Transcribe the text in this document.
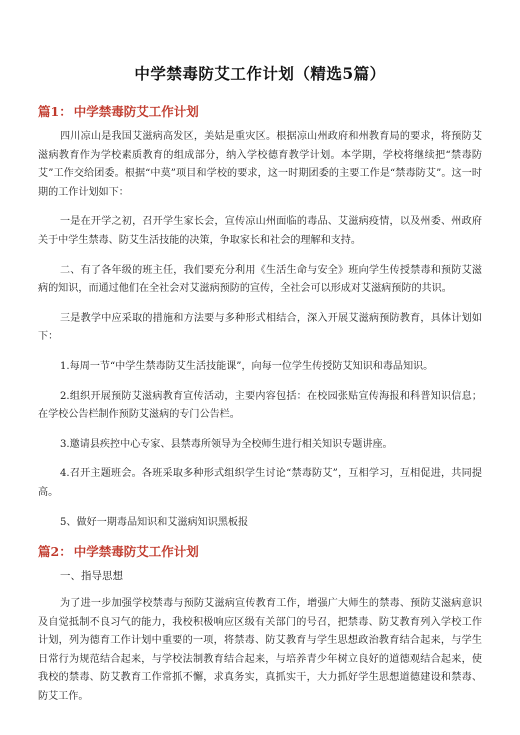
中学禁毒防艾工作计划（精选5篇）
篇1： 中学禁毒防艾工作计划

四川凉山是我国艾滋病高发区，美姑是重灾区。根据凉山州政府和州教育局的要求，将预防艾滋病教育作为学校素质教育的组成部分，纳入学校德育教学计划。本学期，学校将继续把“禁毒防艾”工作交给团委。根据“中莫”项目和学校的要求，这一时期团委的主要工作是“禁毒防艾”。这一时期的工作计划如下：

一是在开学之初，召开学生家长会，宣传凉山州面临的毒品、艾滋病疫情，以及州委、州政府关于中学生禁毒、防艾生活技能的决策，争取家长和社会的理解和支持。

二、有了各年级的班主任，我们要充分利用《生活生命与安全》班向学生传授禁毒和预防艾滋病的知识，而通过他们在全社会对艾滋病预防的宣传，全社会可以形成对艾滋病预防的共识。

三是教学中应采取的措施和方法要与多种形式相结合，深入开展艾滋病预防教育，具体计划如下：

1.每周一节“中学生禁毒防艾生活技能课”，向每一位学生传授防艾知识和毒品知识。

2.组织开展预防艾滋病教育宣传活动，主要内容包括：在校园张贴宣传海报和科普知识信息；在学校公告栏制作预防艾滋病的专门公告栏。

3.邀请县疾控中心专家、县禁毒所领导为全校师生进行相关知识专题讲座。

4.召开主题班会。各班采取多种形式组织学生讨论“禁毒防艾”，互相学习，互相促进，共同提高。

5、做好一期毒品知识和艾滋病知识黑板报

篇2： 中学禁毒防艾工作计划
一、指导思想

为了进一步加强学校禁毒与预防艾滋病宣传教育工作，增强广大师生的禁毒、预防艾滋病意识及自觉抵制不良习气的能力，我校积极响应区级有关部门的号召，把禁毒、防艾教育列入学校工作计划，列为德育工作计划中重要的一项，将禁毒、防艾教育与学生思想政治教育结合起来，与学生日常行为规范结合起来，与学校法制教育结合起来，与培养青少年树立良好的道德观结合起来，使我校的禁毒、防艾教育工作常抓不懈，求真务实，真抓实干，大力抓好学生思想道德建设和禁毒、防艾工作。
